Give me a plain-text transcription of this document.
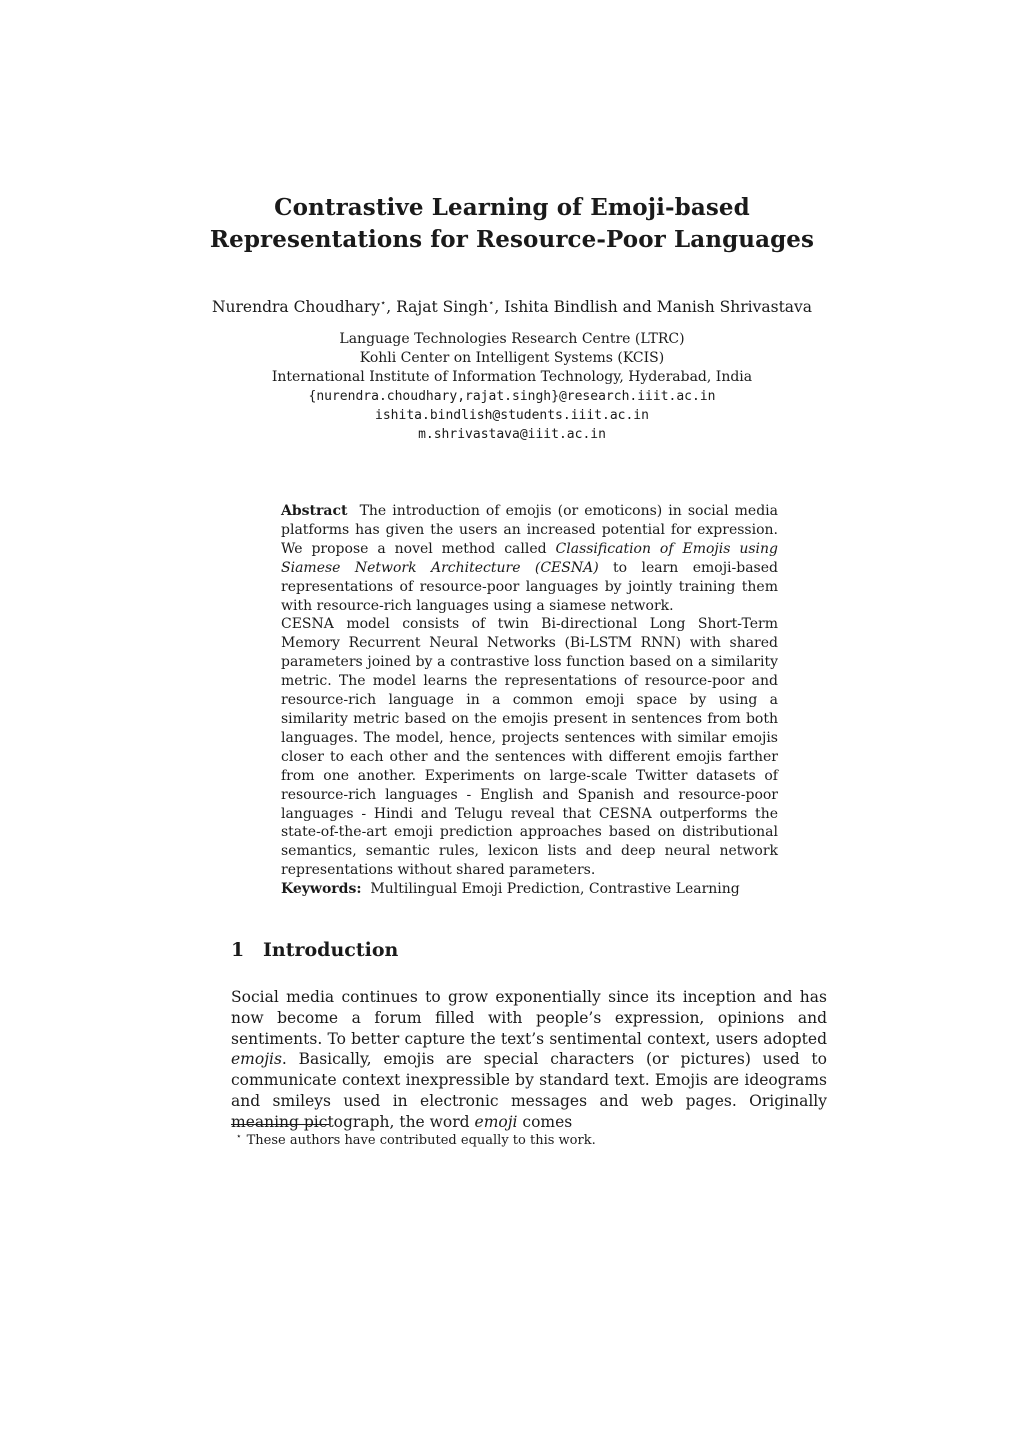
Contrastive Learning of Emoji-based
Representations for Resource-Poor Languages
Nurendra Choudhary⋆, Rajat Singh⋆, Ishita Bindlish and Manish Shrivastava
Language Technologies Research Centre (LTRC)
Kohli Center on Intelligent Systems (KCIS)
International Institute of Information Technology, Hyderabad, India
{nurendra.choudhary,rajat.singh}@research.iiit.ac.in
ishita.bindlish@students.iiit.ac.in
m.shrivastava@iiit.ac.in

Abstract The introduction of emojis (or emoticons) in social media platforms has given the users an increased potential for expression. We propose a novel method called Classification of Emojis using Siamese Network Architecture (CESNA) to learn emoji-based representations of resource-poor languages by jointly training them with resource-rich languages using a siamese network.

CESNA model consists of twin Bi-directional Long Short-Term Memory Recurrent Neural Networks (Bi-LSTM RNN) with shared parameters joined by a contrastive loss function based on a similarity metric. The model learns the representations of resource-poor and resource-rich language in a common emoji space by using a similarity metric based on the emojis present in sentences from both languages. The model, hence, projects sentences with similar emojis closer to each other and the sentences with different emojis farther from one another. Experiments on large-scale Twitter datasets of resource-rich languages - English and Spanish and resource-poor languages - Hindi and Telugu reveal that CESNA outperforms the state-of-the-art emoji prediction approaches based on distributional semantics, semantic rules, lexicon lists and deep neural network representations without shared parameters.

Keywords: Multilingual Emoji Prediction, Contrastive Learning
1 Introduction

Social media continues to grow exponentially since its inception and has now become a forum filled with people’s expression, opinions and sentiments. To better capture the text’s sentimental context, users adopted emojis. Basically, emojis are special characters (or pictures) used to communicate context inexpressible by standard text. Emojis are ideograms and smileys used in electronic messages and web pages. Originally meaning pictograph, the word emoji comes

⋆ These authors have contributed equally to this work.
